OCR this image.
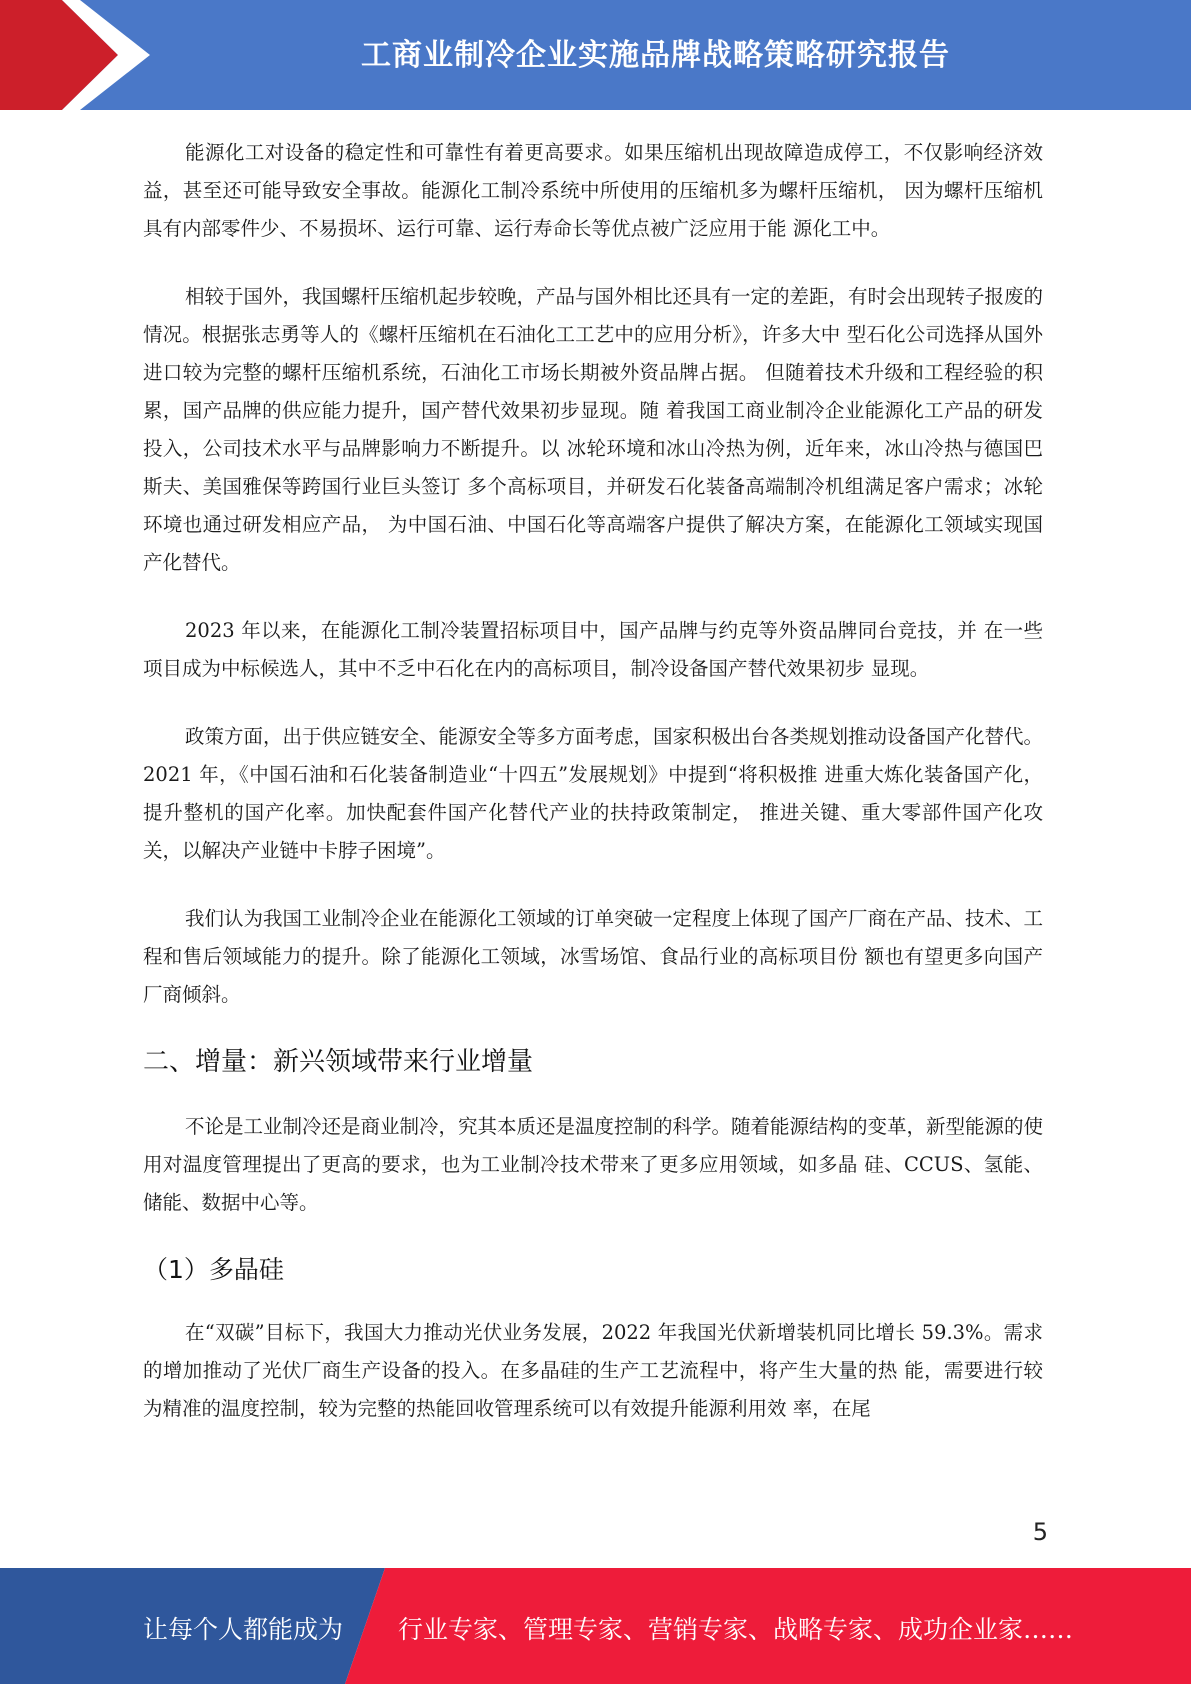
工商业制冷企业实施品牌战略策略研究报告

能源化工对设备的稳定性和可靠性有着更高要求。如果压缩机出现故障造成停工，不仅影响经济效益，甚至还可能导致安全事故。能源化工制冷系统中所使用的压缩机多为螺杆压缩机， 因为螺杆压缩机具有内部零件少、不易损坏、运行可靠、运行寿命长等优点被广泛应用于能 源化工中。

相较于国外，我国螺杆压缩机起步较晚，产品与国外相比还具有一定的差距，有时会出现转子报废的情况。根据张志勇等人的《螺杆压缩机在石油化工工艺中的应用分析》，许多大中 型石化公司选择从国外进口较为完整的螺杆压缩机系统，石油化工市场长期被外资品牌占据。 但随着技术升级和工程经验的积累，国产品牌的供应能力提升，国产替代效果初步显现。随 着我国工商业制冷企业能源化工产品的研发投入，公司技术水平与品牌影响力不断提升。以 冰轮环境和冰山冷热为例，近年来，冰山冷热与德国巴斯夫、美国雅保等跨国行业巨头签订 多个高标项目，并研发石化装备高端制冷机组满足客户需求；冰轮环境也通过研发相应产品， 为中国石油、中国石化等高端客户提供了解决方案，在能源化工领域实现国产化替代。

2023 年以来，在能源化工制冷装置招标项目中，国产品牌与约克等外资品牌同台竞技，并 在一些项目成为中标候选人，其中不乏中石化在内的高标项目，制冷设备国产替代效果初步 显现。

政策方面，出于供应链安全、能源安全等多方面考虑，国家积极出台各类规划推动设备国产化替代。2021 年，《中国石油和石化装备制造业“十四五”发展规划》中提到“将积极推 进重大炼化装备国产化，提升整机的国产化率。加快配套件国产化替代产业的扶持政策制定， 推进关键、重大零部件国产化攻关，以解决产业链中卡脖子困境”。

我们认为我国工业制冷企业在能源化工领域的订单突破一定程度上体现了国产厂商在产品、技术、工程和售后领域能力的提升。除了能源化工领域，冰雪场馆、食品行业的高标项目份 额也有望更多向国产厂商倾斜。

二、增量：新兴领域带来行业增量

不论是工业制冷还是商业制冷，究其本质还是温度控制的科学。随着能源结构的变革，新型能源的使用对温度管理提出了更高的要求，也为工业制冷技术带来了更多应用领域，如多晶 硅、CCUS、氢能、储能、数据中心等。

（1）多晶硅

在“双碳”目标下，我国大力推动光伏业务发展，2022 年我国光伏新增装机同比增长 59.3%。需求的增加推动了光伏厂商生产设备的投入。在多晶硅的生产工艺流程中，将产生大量的热 能，需要进行较为精准的温度控制，较为完整的热能回收管理系统可以有效提升能源利用效 率，在尾

5
让每个人都能成为 行业专家、管理专家、营销专家、战略专家、成功企业家……
